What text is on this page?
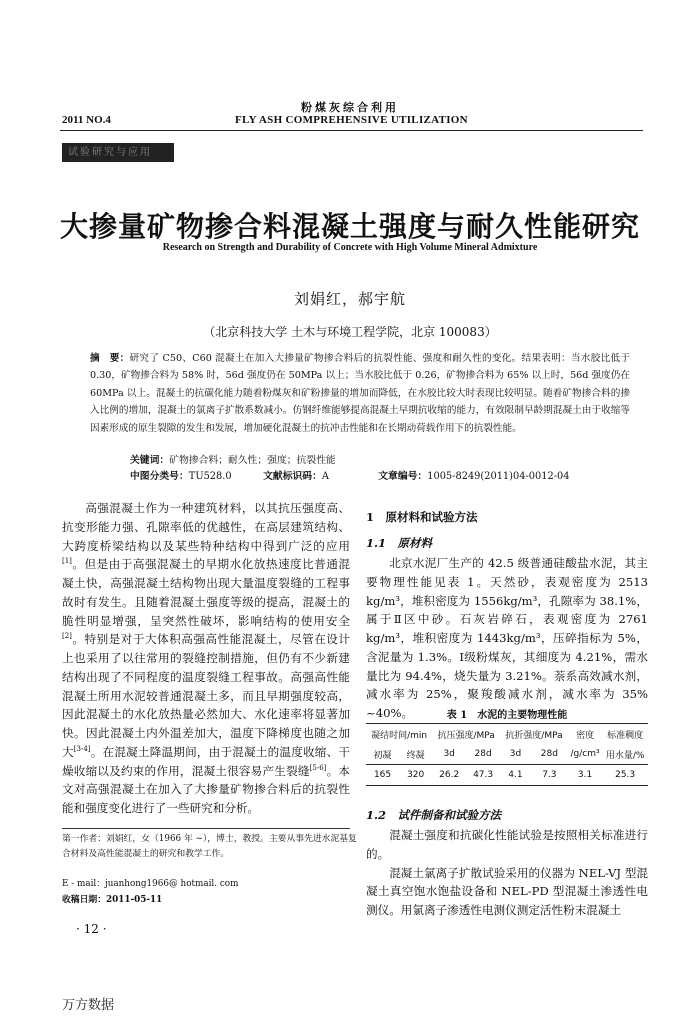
粉煤灰综合利用
2011 NO.4	FLY ASH COMPREHENSIVE UTILIZATION
试验研究与应用
大掺量矿物掺合料混凝土强度与耐久性能研究
Research on Strength and Durability of Concrete with High Volume Mineral Admixture
刘娟红，郝宇航
（北京科技大学 土木与环境工程学院，北京 100083）
摘　要：研究了 C50、C60 混凝土在加入大掺量矿物掺合料后的抗裂性能、强度和耐久性的变化。结果表明：当水胶比低于 0.30，矿物掺合料为 58% 时，56d 强度仍在 50MPa 以上；当水胶比低于 0.26，矿物掺合料为 65% 以上时，56d 强度仍在 60MPa 以上。混凝土的抗碳化能力随着粉煤灰和矿粉掺量的增加而降低，在水胶比较大时表现比较明显。随着矿物掺合料的掺入比例的增加，混凝土的氯离子扩散系数减小。仿钢纤维能够提高混凝土早期抗收缩的能力，有效限制早龄期混凝土由于收缩等因素形成的原生裂隙的发生和发展，增加硬化混凝土的抗冲击性能和在长期动荷载作用下的抗裂性能。
关键词：矿物掺合料；耐久性；强度；抗裂性能
中图分类号：TU528.0	文献标识码：A	文章编号：1005-8249(2011)04-0012-04

高强混凝土作为一种建筑材料，以其抗压强度高、抗变形能力强、孔隙率低的优越性，在高层建筑结构、大跨度桥梁结构以及某些特种结构中得到广泛的应用[1]。但是由于高强混凝土的早期水化放热速度比普通混凝土快，高强混凝土结构物出现大量温度裂缝的工程事故时有发生。且随着混凝土强度等级的提高，混凝土的脆性明显增强，呈突然性破坏，影响结构的使用安全[2]。特别是对于大体积高强高性能混凝土，尽管在设计上也采用了以往常用的裂缝控制措施，但仍有不少新建结构出现了不同程度的温度裂缝工程事故。高强高性能混凝土所用水泥较普通混凝土多，而且早期强度较高，因此混凝土的水化放热量必然加大、水化速率将显著加快。因此混凝土内外温差加大，温度下降梯度也随之加大[3-4]。在混凝土降温期间，由于混凝土的温度收缩、干燥收缩以及约束的作用，混凝土很容易产生裂缝[5-6]。本文对高强混凝土在加入了大掺量矿物掺合料后的抗裂性能和强度变化进行了一些研究和分析。

第一作者：刘娟红，女（1966 年 ~），博士，教授。主要从事先进水泥基复合材料及高性能混凝土的研究和教学工作。
E - mail：juanhong1966@ hotmail. com
收稿日期：2011-05-11
· 12 ·
1　原材料和试验方法
1.1　原材料

北京水泥厂生产的 42.5 级普通硅酸盐水泥，其主要物理性能见表 1。天然砂，表观密度为 2513 kg/m³，堆积密度为 1556kg/m³，孔隙率为 38.1%，属于Ⅱ区中砂。石灰岩碎石，表观密度为 2761 kg/m³，堆积密度为 1443kg/m³，压碎指标为 5%，含泥量为 1.3%。Ⅰ级粉煤灰，其细度为 4.21%，需水量比为 94.4%，烧失量为 3.21%。萘系高效减水剂，减水率为 25%，聚羧酸减水剂，减水率为 35% ~40%。	表 1　水泥的主要物理性能
凝结时间/min		抗压强度/MPa		抗折强度/MPa		密度	标准稠度
初凝	终凝	3d	28d	3d	28d	/g/cm³	用水量/%
165	320	26.2	47.3	4.1	7.3	3.1	25.3
1.2　试件制备和试验方法

混凝土强度和抗碳化性能试验是按照相关标准进行的。

混凝土氯离子扩散试验采用的仪器为 NEL-VJ 型混凝土真空饱水饱盐设备和 NEL-PD 型混凝土渗透性电测仪。用氯离子渗透性电测仪测定活性粉末混凝土

万方数据
